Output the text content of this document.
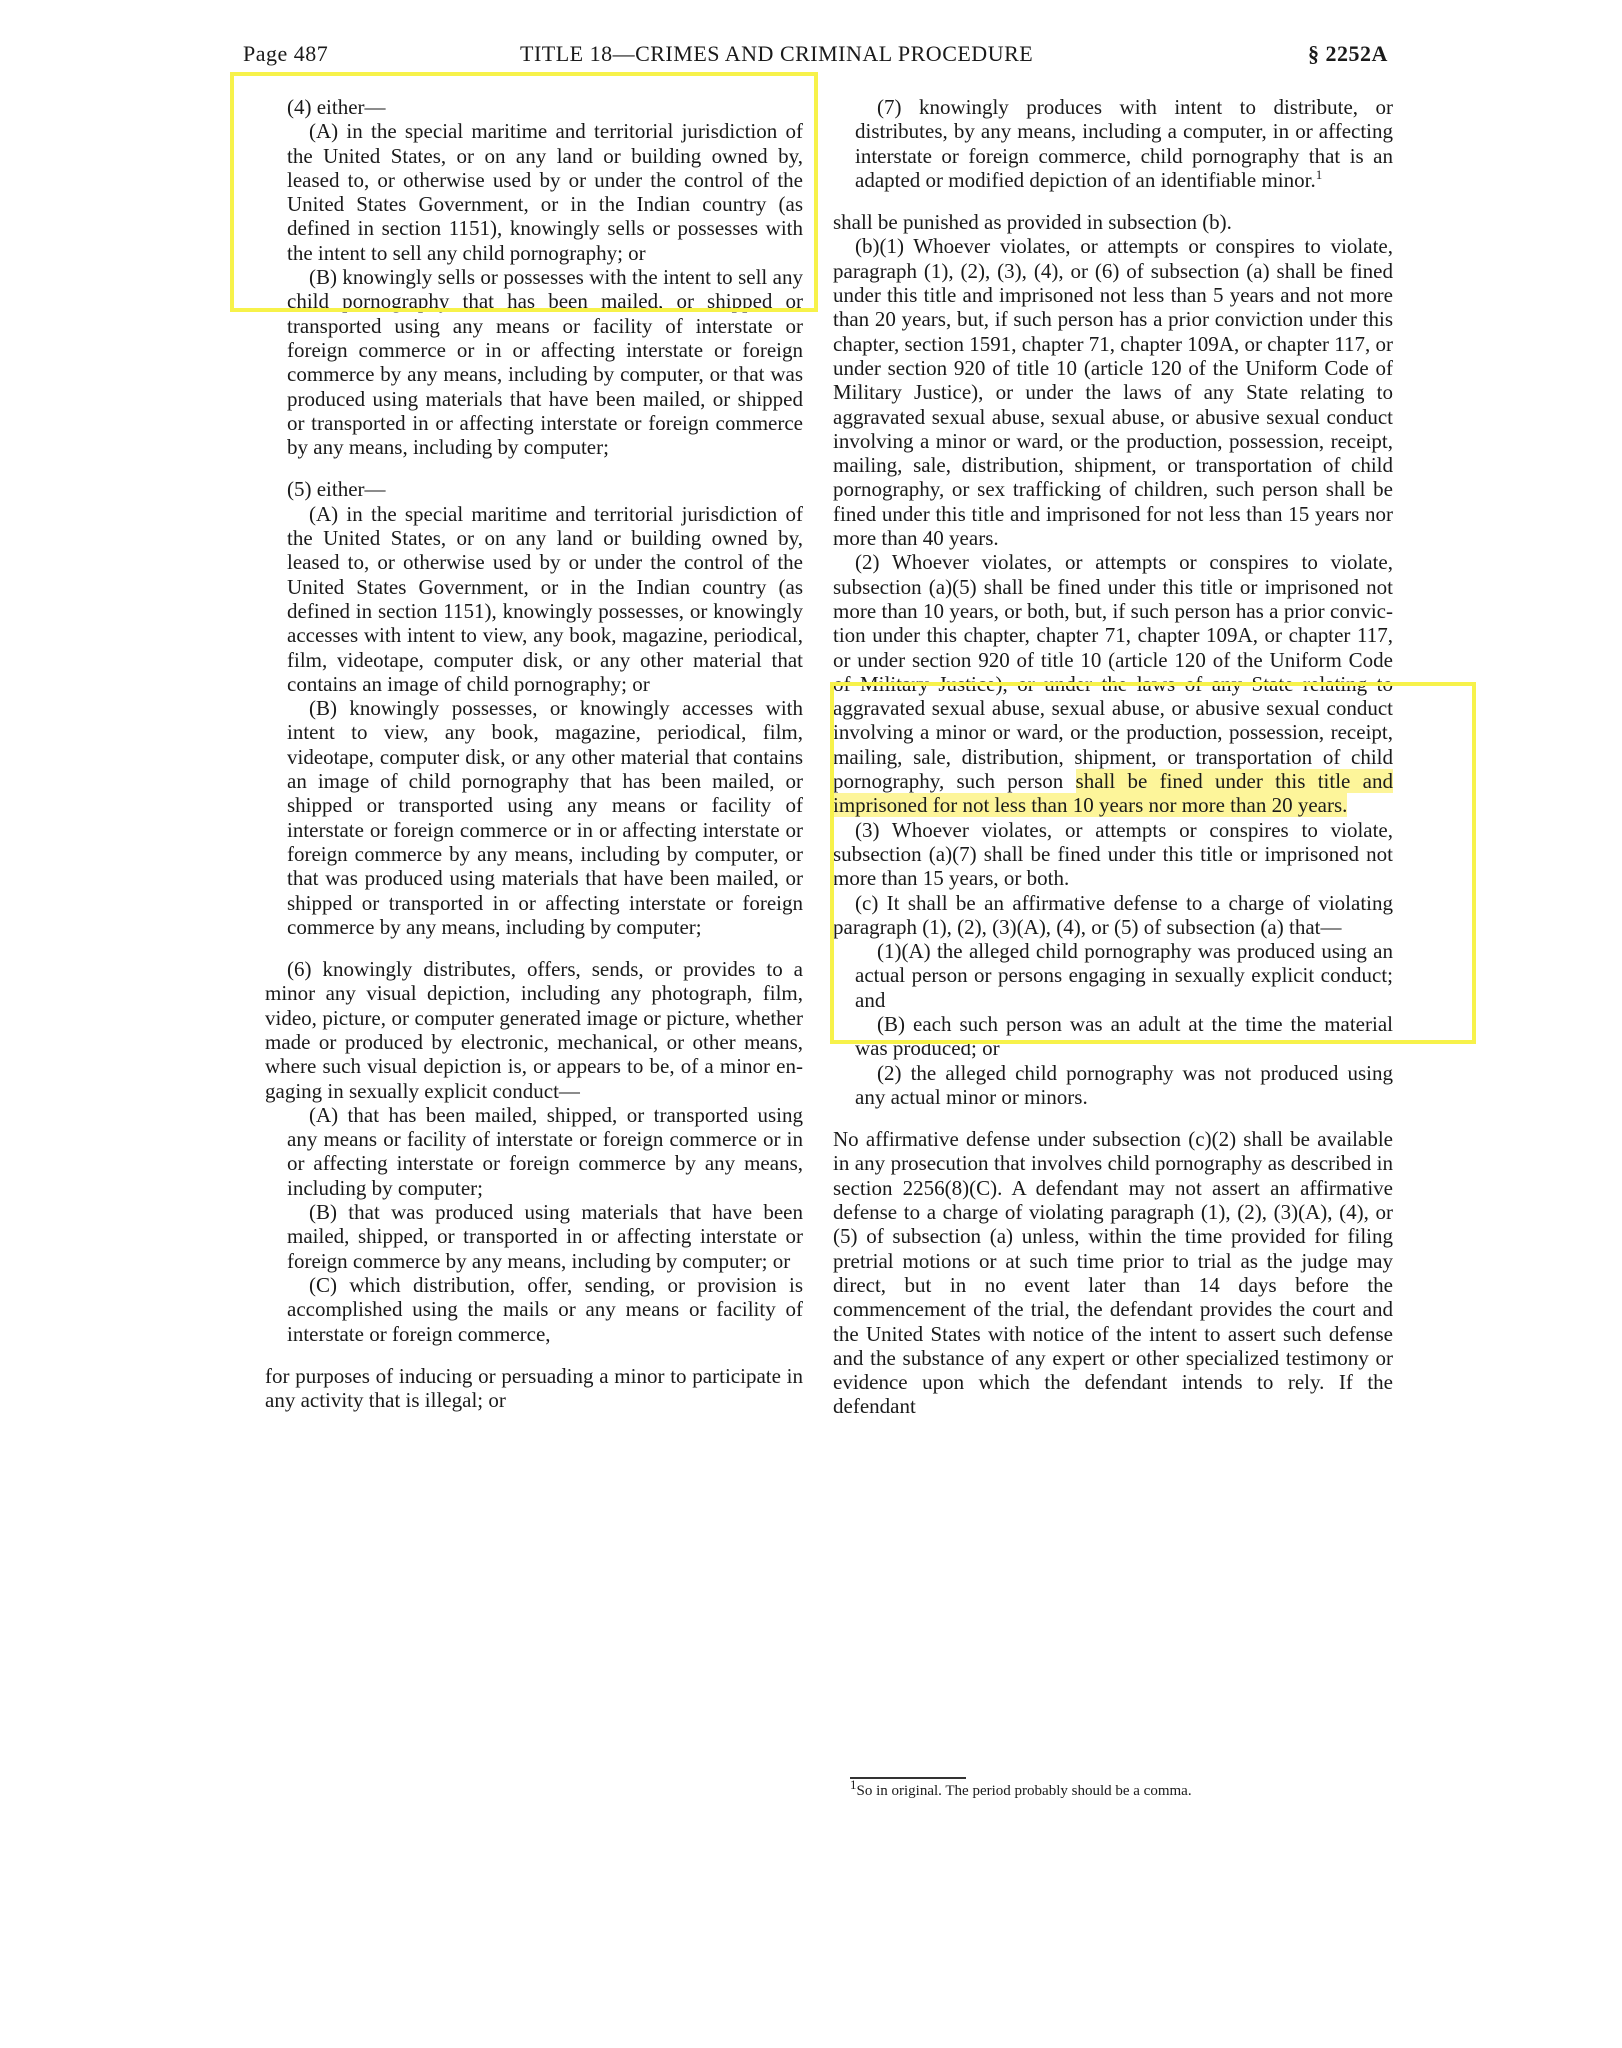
Page 487	TITLE 18—CRIMES AND CRIMINAL PROCEDURE	§ 2252A

(4) either—

(A) in the special maritime and territorial jurisdiction of the United States, or on any land or building owned by, leased to, or otherwise used by or under the control of the United States Government, or in the Indian country (as defined in section 1151), knowingly sells or possesses with the intent to sell any child pornography; or

(B) knowingly sells or possesses with the intent to sell any child pornography that has been mailed, or shipped or transported using any means or facility of interstate or foreign commerce or in or affecting interstate or foreign commerce by any means, including by computer, or that was produced using materials that have been mailed, or shipped or transported in or affecting interstate or foreign commerce by any means, including by computer;

(5) either—

(A) in the special maritime and territorial jurisdiction of the United States, or on any land or building owned by, leased to, or otherwise used by or under the control of the United States Government, or in the Indian country (as defined in section 1151), knowingly possesses, or knowingly accesses with intent to view, any book, magazine, periodical, film, videotape, computer disk, or any other material that contains an image of child pornography; or

(B) knowingly possesses, or knowingly accesses with intent to view, any book, magazine, periodical, film, videotape, computer disk, or any other material that contains an image of child pornography that has been mailed, or shipped or transported using any means or facility of interstate or foreign commerce or in or affecting interstate or foreign commerce by any means, including by computer, or that was produced using materials that have been mailed, or shipped or transported in or affecting interstate or foreign commerce by any means, including by computer;

(6) knowingly distributes, offers, sends, or provides to a minor any visual depiction, including any photograph, film, video, picture, or computer generated image or picture, whether made or produced by electronic, mechanical, or other means, where such visual depiction is, or appears to be, of a minor engaging in sexually explicit conduct—

(A) that has been mailed, shipped, or transported using any means or facility of interstate or foreign commerce or in or affecting interstate or foreign commerce by any means, including by computer;

(B) that was produced using materials that have been mailed, shipped, or transported in or affecting interstate or foreign commerce by any means, including by computer; or

(C) which distribution, offer, sending, or provision is accomplished using the mails or any means or facility of interstate or foreign commerce,

for purposes of inducing or persuading a minor to participate in any activity that is illegal; or

(7) knowingly produces with intent to distribute, or distributes, by any means, including a computer, in or affecting interstate or foreign commerce, child pornography that is an adapted or modified depiction of an identifiable minor.$^1$

shall be punished as provided in subsection (b).

(b)(1) Whoever violates, or attempts or conspires to violate, paragraph (1), (2), (3), (4), or (6) of subsection (a) shall be fined under this title and imprisoned not less than 5 years and not more than 20 years, but, if such person has a prior conviction under this chapter, section 1591, chapter 71, chapter 109A, or chapter 117, or under section 920 of title 10 (article 120 of the Uniform Code of Military Justice), or under the laws of any State relating to aggravated sexual abuse, sexual abuse, or abusive sexual conduct involving a minor or ward, or the production, possession, receipt, mailing, sale, distribution, shipment, or transportation of child pornography, or sex trafficking of children, such person shall be fined under this title and imprisoned for not less than 15 years nor more than 40 years.

(2) Whoever violates, or attempts or conspires to violate, subsection (a)(5) shall be fined under this title or imprisoned not more than 10 years, or both, but, if such person has a prior conviction under this chapter, chapter 71, chapter 109A, or chapter 117, or under section 920 of title 10 (article 120 of the Uniform Code of Military Justice), or under the laws of any State relating to aggravated sexual abuse, sexual abuse, or abusive sexual conduct involving a minor or ward, or the production, possession, receipt, mailing, sale, distribution, shipment, or transportation of child pornography, such person shall be fined under this title and imprisoned for not less than 10 years nor more than 20 years.

(3) Whoever violates, or attempts or conspires to violate, subsection (a)(7) shall be fined under this title or imprisoned not more than 15 years, or both.

(c) It shall be an affirmative defense to a charge of violating paragraph (1), (2), (3)(A), (4), or (5) of subsection (a) that—

(1)(A) the alleged child pornography was produced using an actual person or persons engaging in sexually explicit conduct; and

(B) each such person was an adult at the time the material was produced; or

(2) the alleged child pornography was not produced using any actual minor or minors.

No affirmative defense under subsection (c)(2) shall be available in any prosecution that involves child pornography as described in section 2256(8)(C). A defendant may not assert an affirmative defense to a charge of violating paragraph (1), (2), (3)(A), (4), or (5) of subsection (a) unless, within the time provided for filing pretrial motions or at such time prior to trial as the judge may direct, but in no event later than 14 days before the commencement of the trial, the defendant provides the court and the United States with notice of the intent to assert such defense and the substance of any expert or other specialized testimony or evidence upon which the defendant intends to rely. If the defendant

$^1$So in original. The period probably should be a comma.
